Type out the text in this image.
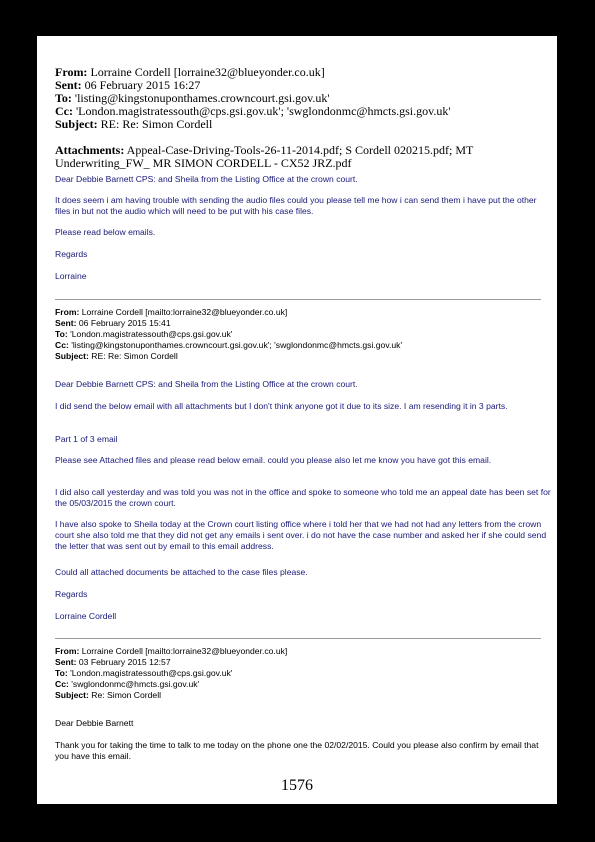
From: Lorraine Cordell [lorraine32@blueyonder.co.uk]
Sent: 06 February 2015 16:27
To: 'listing@kingstonuponthames.crowncourt.gsi.gov.uk'
Cc: 'London.magistratessouth@cps.gsi.gov.uk'; 'swglondonmc@hmcts.gsi.gov.uk'
Subject: RE: Re: Simon Cordell
Attachments: Appeal-Case-Driving-Tools-26-11-2014.pdf; S Cordell 020215.pdf; MT Underwriting_FW_ MR SIMON CORDELL - CX52 JRZ.pdf
Dear Debbie Barnett CPS: and Sheila from the Listing Office at the crown court.
It does seem i am having trouble with sending the audio files could you please tell me how i can send them i have put the other files in but not the audio which will need to be put with his case files.
Please read below emails.
Regards
Lorraine
From: Lorraine Cordell [mailto:lorraine32@blueyonder.co.uk]
Sent: 06 February 2015 15:41
To: 'London.magistratessouth@cps.gsi.gov.uk'
Cc: 'listing@kingstonuponthames.crowncourt.gsi.gov.uk'; 'swglondonmc@hmcts.gsi.gov.uk'
Subject: RE: Re: Simon Cordell
Dear Debbie Barnett CPS: and Sheila from the Listing Office at the crown court.
I did send the below email with all attachments but I don't think anyone got it due to its size. I am resending it in 3 parts.
Part 1 of 3 email
Please see Attached files and please read below email. could you please also let me know you have got this email.
I did also call yesterday and was told you was not in the office and spoke to someone who told me an appeal date has been set for the 05/03/2015 the crown court.
I have also spoke to Sheila today at the Crown court listing office where i told her that we had not had any letters from the crown court she also told me that they did not get any emails i sent over. i do not have the case number and asked her if she could send the letter that was sent out by email to this email address.
Could all attached documents be attached to the case files please.
Regards
Lorraine Cordell
From: Lorraine Cordell [mailto:lorraine32@blueyonder.co.uk]
Sent: 03 February 2015 12:57
To: 'London.magistratessouth@cps.gsi.gov.uk'
Cc: 'swglondonmc@hmcts.gsi.gov.uk'
Subject: Re: Simon Cordell
Dear Debbie Barnett
Thank you for taking the time to talk to me today on the phone one the 02/02/2015. Could you please also confirm by email that you have this email.
1576
